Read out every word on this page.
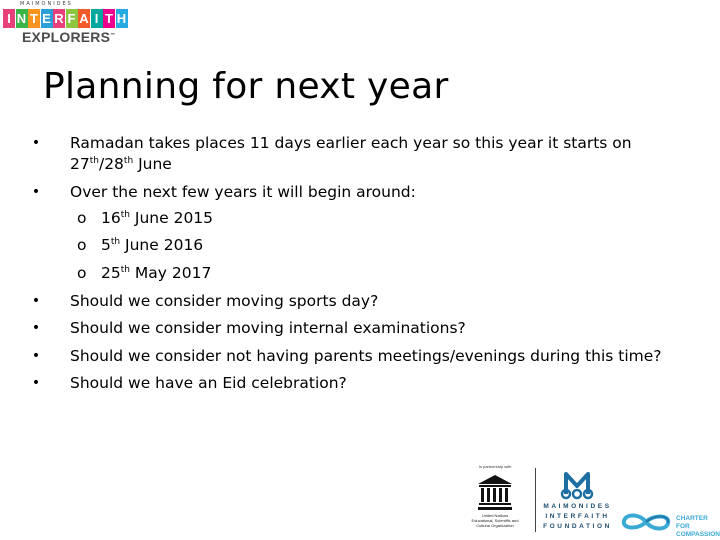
MAIMONIDES
I N T E R F A I T H
EXPLORERS™
Planning for next year
• Ramadan takes places 11 days earlier each year so this year it starts on
27th/28th June
• Over the next few years it will begin around:
o 16th June 2015
o 5th June 2016
o 25th May 2017
• Should we consider moving sports day?
• Should we consider moving internal examinations?
• Should we consider not having parents meetings/evenings during this time?
• Should we have an Eid celebration?
In partnership with
United Nations
Educational, Scientific and
Cultural Organization
MAIMONIDES
INTERFAITH
FOUNDATION
CHARTER FOR
COMPASSION
